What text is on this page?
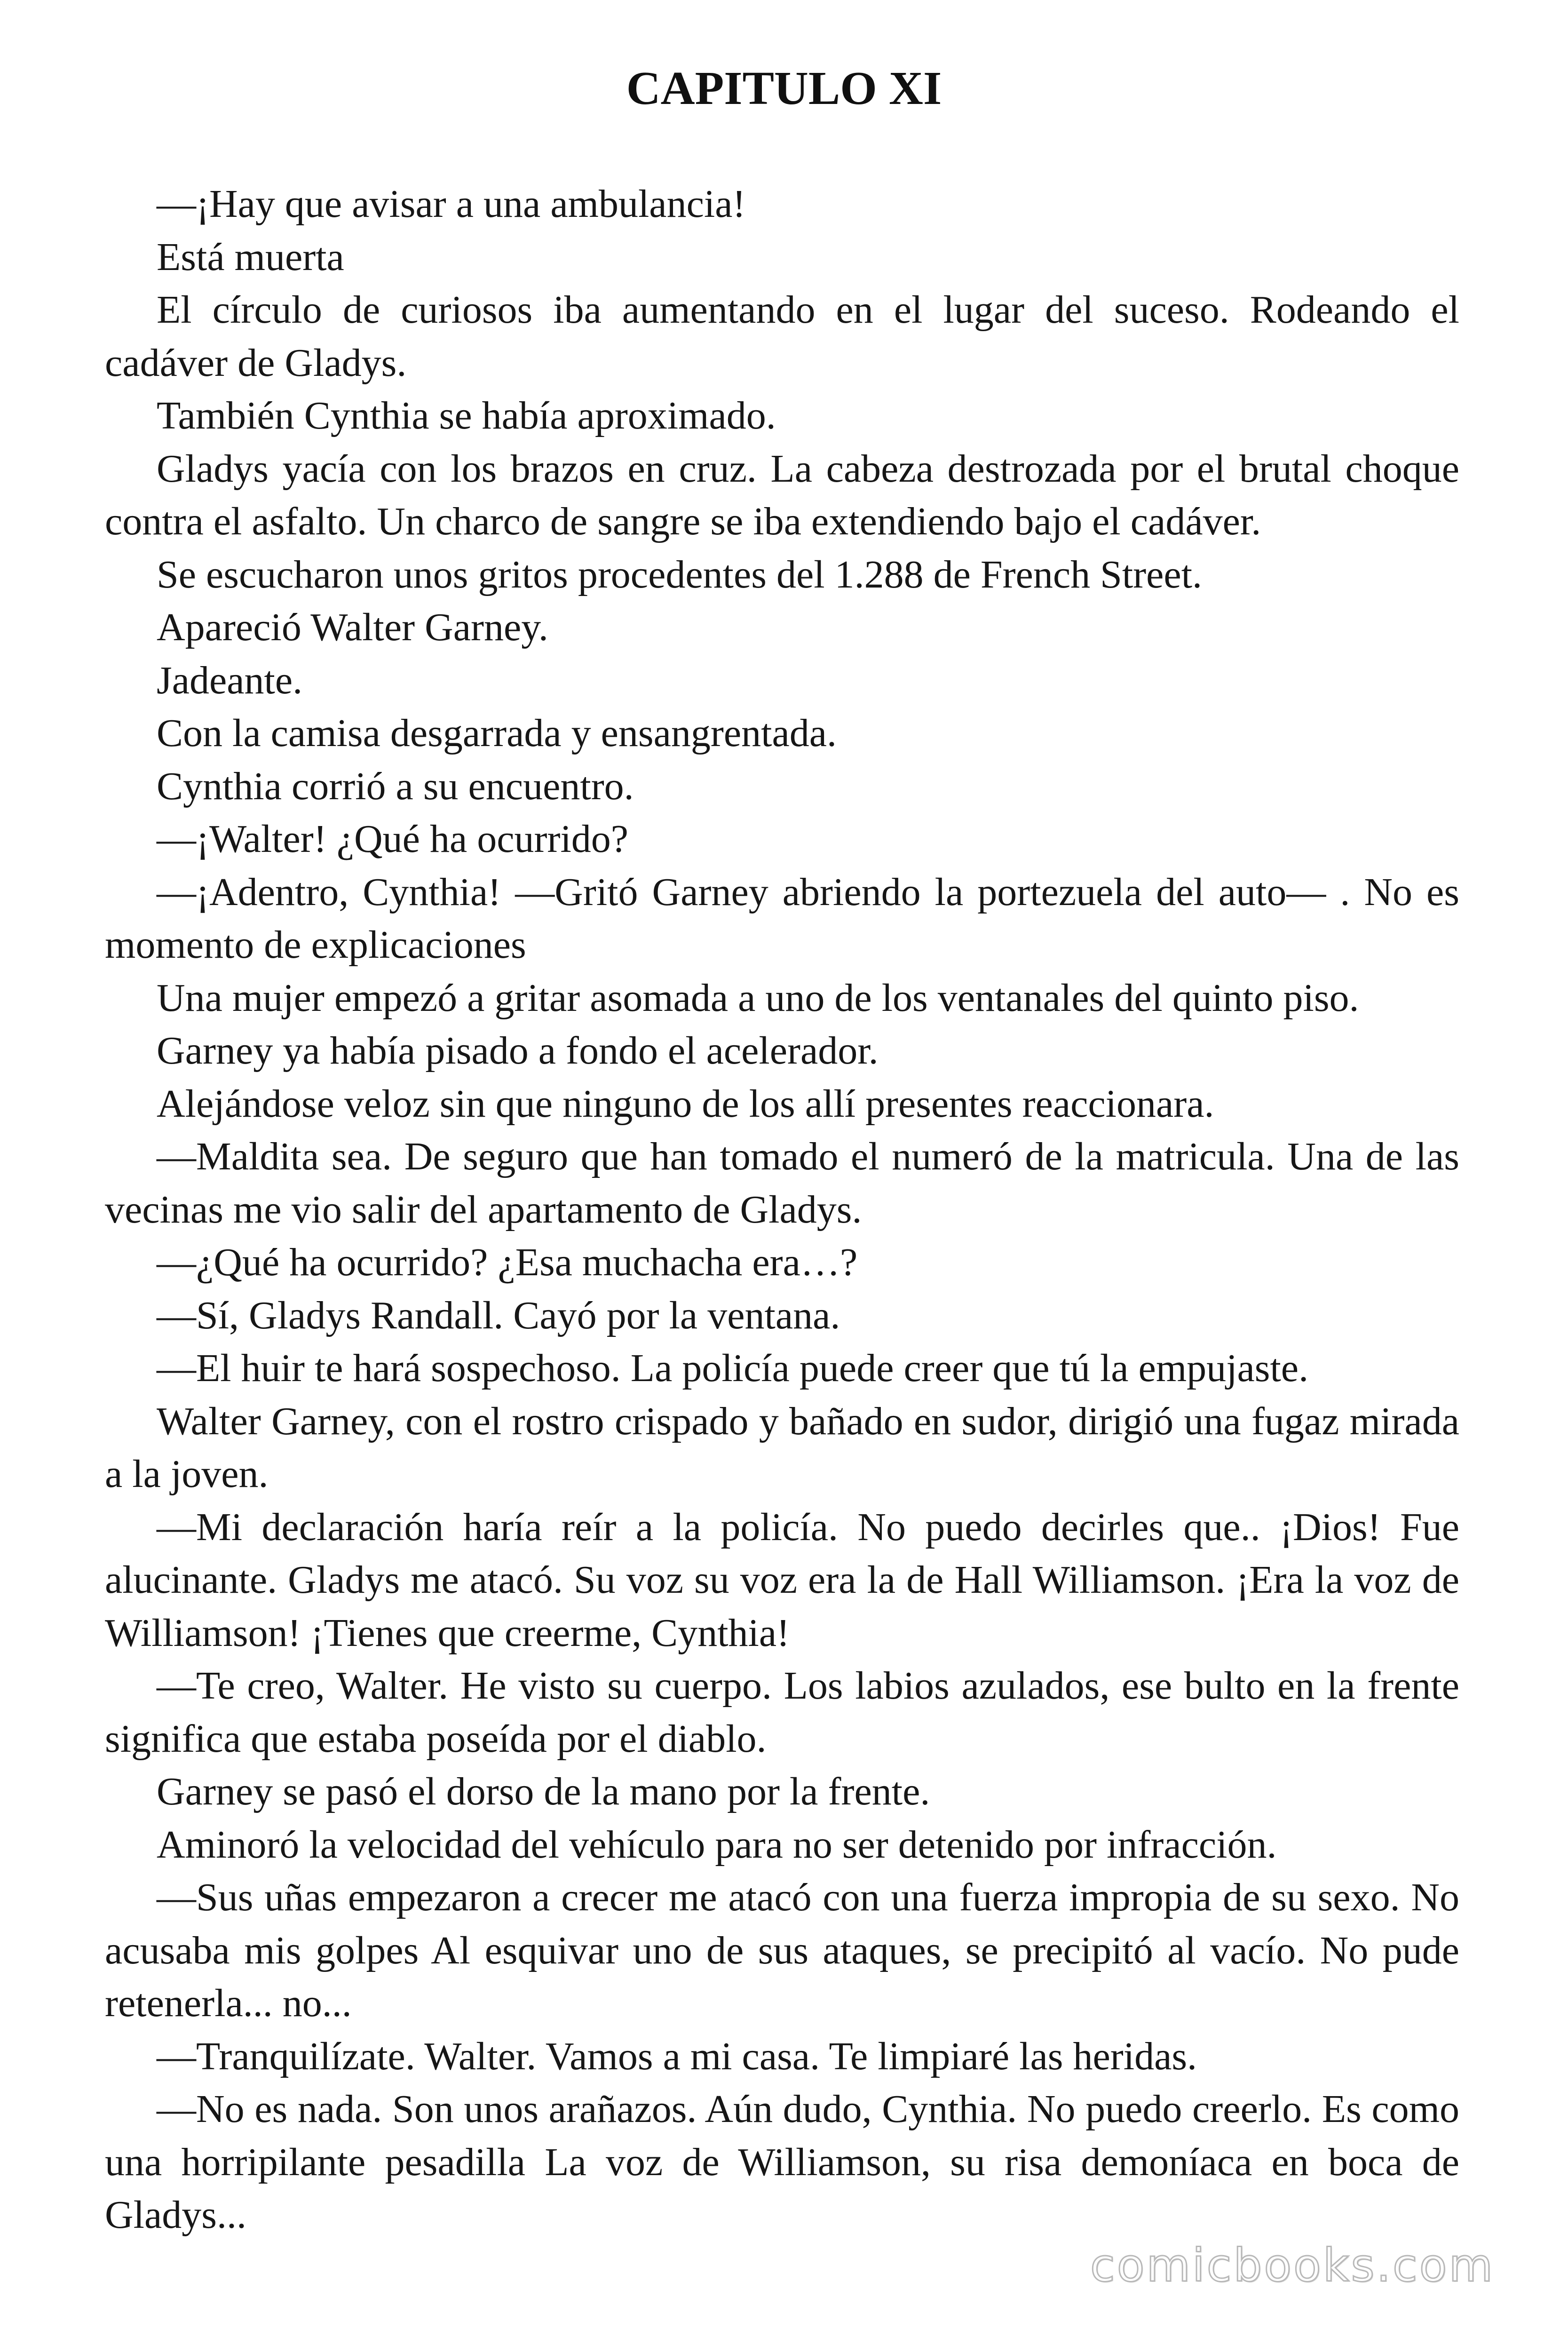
CAPITULO XI

—¡Hay que avisar a una ambulancia!

Está muerta

El círculo de curiosos iba aumentando en el lugar del suceso. Rodeando el cadáver de Gladys.

También Cynthia se había aproximado.

Gladys yacía con los brazos en cruz. La cabeza destrozada por el brutal choque contra el asfalto. Un charco de sangre se iba extendiendo bajo el cadáver.

Se escucharon unos gritos procedentes del 1.288 de French Street.

Apareció Walter Garney.

Jadeante.

Con la camisa desgarrada y ensangrentada.

Cynthia corrió a su encuentro.

—¡Walter! ¿Qué ha ocurrido?

—¡Adentro, Cynthia! —Gritó Garney abriendo la portezuela del auto— . No es momento de explicaciones

Una mujer empezó a gritar asomada a uno de los ventanales del quinto piso.

Garney ya había pisado a fondo el acelerador.

Alejándose veloz sin que ninguno de los allí presentes reaccionara.

—Maldita sea. De seguro que han tomado el numeró de la matricula. Una de las vecinas me vio salir del apartamento de Gladys.

—¿Qué ha ocurrido? ¿Esa muchacha era…?

—Sí, Gladys Randall. Cayó por la ventana.

—El huir te hará sospechoso. La policía puede creer que tú la empujaste.

Walter Garney, con el rostro crispado y bañado en sudor, dirigió una fugaz mirada a la joven.

—Mi declaración haría reír a la policía. No puedo decirles que.. ¡Dios! Fue alucinante. Gladys me atacó. Su voz su voz era la de Hall Williamson. ¡Era la voz de Williamson! ¡Tienes que creerme, Cynthia!

—Te creo, Walter. He visto su cuerpo. Los labios azulados, ese bulto en la frente significa que estaba poseída por el diablo.

Garney se pasó el dorso de la mano por la frente.

Aminoró la velocidad del vehículo para no ser detenido por infracción.

—Sus uñas empezaron a crecer me atacó con una fuerza impropia de su sexo. No acusaba mis golpes Al esquivar uno de sus ataques, se precipitó al vacío. No pude retenerla... no...

—Tranquilízate. Walter. Vamos a mi casa. Te limpiaré las heridas.

—No es nada. Son unos arañazos. Aún dudo, Cynthia. No puedo creerlo. Es como una horripilante pesadilla La voz de Williamson, su risa demoníaca en boca de Gladys...

comicbooks.com
